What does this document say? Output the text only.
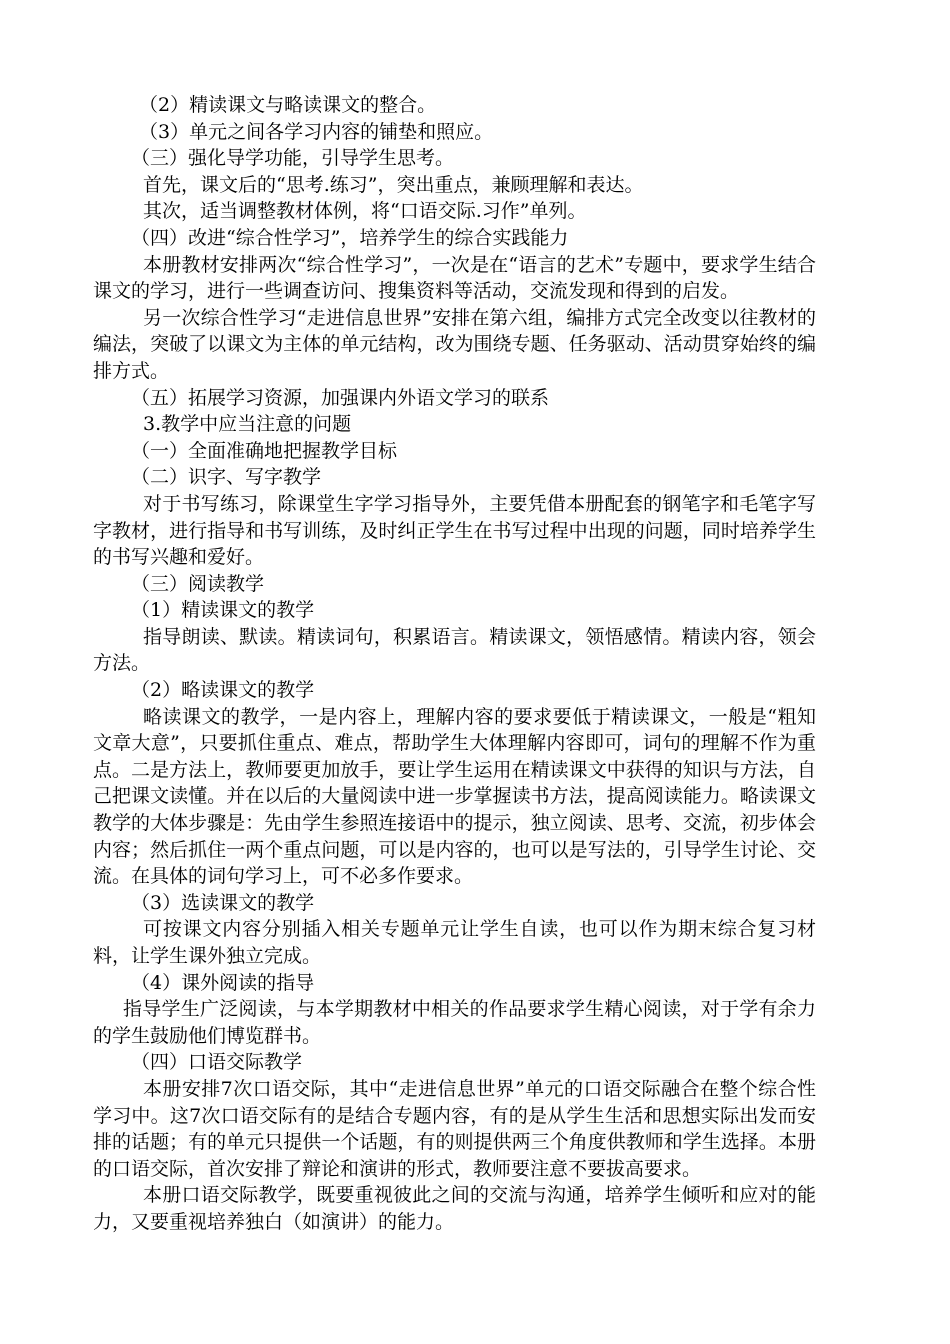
（2）精读课文与略读课文的整合。

（3）单元之间各学习内容的铺垫和照应。

（三）强化导学功能，引导学生思考。

首先，课文后的“思考.练习”，突出重点，兼顾理解和表达。

其次，适当调整教材体例，将“口语交际.习作”单列。

（四）改进“综合性学习”，培养学生的综合实践能力

本册教材安排两次“综合性学习”，一次是在“语言的艺术”专题中，要求学生结合课文的学习，进行一些调查访问、搜集资料等活动，交流发现和得到的启发。

另一次综合性学习“走进信息世界”安排在第六组，编排方式完全改变以往教材的编法，突破了以课文为主体的单元结构，改为围绕专题、任务驱动、活动贯穿始终的编排方式。

（五）拓展学习资源，加强课内外语文学习的联系

3.教学中应当注意的问题

（一）全面准确地把握教学目标

（二）识字、写字教学

对于书写练习，除课堂生字学习指导外，主要凭借本册配套的钢笔字和毛笔字写字教材，进行指导和书写训练，及时纠正学生在书写过程中出现的问题，同时培养学生的书写兴趣和爱好。

（三）阅读教学

（1）精读课文的教学

指导朗读、默读。精读词句，积累语言。精读课文，领悟感情。精读内容，领会方法。

（2）略读课文的教学

略读课文的教学，一是内容上，理解内容的要求要低于精读课文，一般是“粗知文章大意”，只要抓住重点、难点，帮助学生大体理解内容即可，词句的理解不作为重点。二是方法上，教师要更加放手，要让学生运用在精读课文中获得的知识与方法，自己把课文读懂。并在以后的大量阅读中进一步掌握读书方法，提高阅读能力。略读课文教学的大体步骤是：先由学生参照连接语中的提示，独立阅读、思考、交流，初步体会内容；然后抓住一两个重点问题，可以是内容的，也可以是写法的，引导学生讨论、交流。在具体的词句学习上，可不必多作要求。

（3）选读课文的教学

可按课文内容分别插入相关专题单元让学生自读，也可以作为期末综合复习材料，让学生课外独立完成。

（4）课外阅读的指导

指导学生广泛阅读，与本学期教材中相关的作品要求学生精心阅读，对于学有余力的学生鼓励他们博览群书。

（四）口语交际教学

本册安排7次口语交际，其中“走进信息世界”单元的口语交际融合在整个综合性学习中。这7次口语交际有的是结合专题内容，有的是从学生生活和思想实际出发而安排的话题；有的单元只提供一个话题，有的则提供两三个角度供教师和学生选择。本册的口语交际，首次安排了辩论和演讲的形式，教师要注意不要拔高要求。

本册口语交际教学，既要重视彼此之间的交流与沟通，培养学生倾听和应对的能力，又要重视培养独白（如演讲）的能力。
